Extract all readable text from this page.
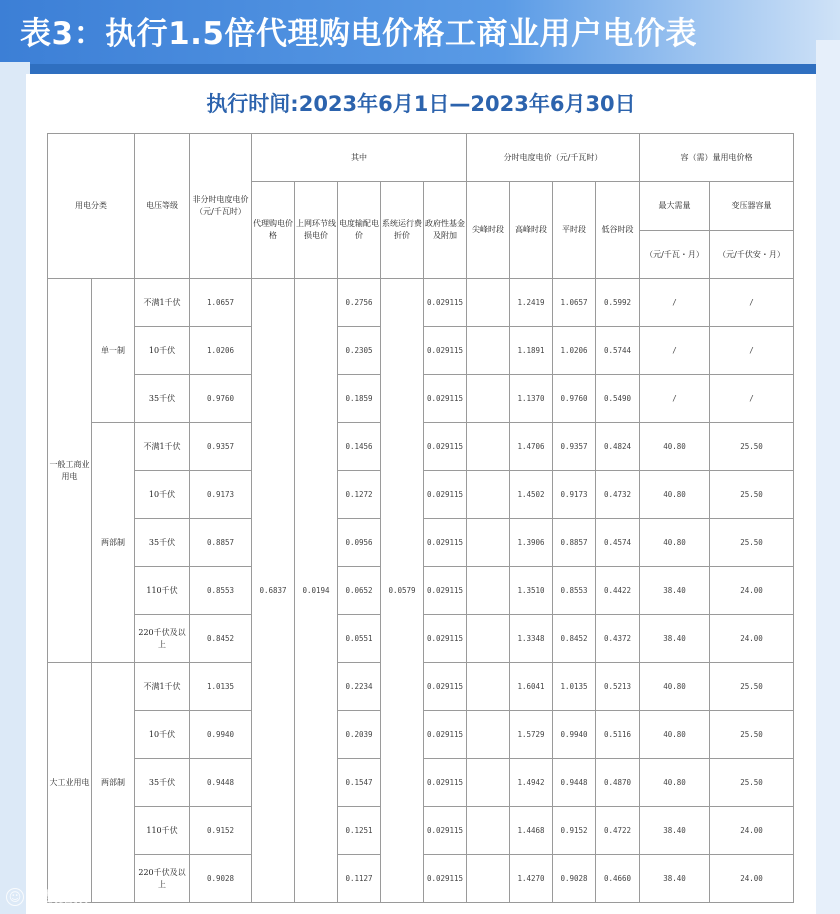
表3：执行1.5倍代理购电价格工商业用户电价表
执行时间:2023年6月1日—2023年6月30日
用电分类		电压等级	非分时电度电价（元/千瓦时）	其中					分时电度电价（元/千瓦时）				容（需）量用电价格	
				代理购电价格	上网环节线损电价	电度输配电价	系统运行费折价	政府性基金及附加	尖峰时段	高峰时段	平时段	低谷时段	最大需量	变压器容量
													（元/千瓦・月）	（元/千伏安・月）
一般工商业用电	单一制	不满1千伏	1.0657	0.6837	0.0194	0.2756	0.0579	0.029115		1.2419	1.0657	0.5992	/	/
		10千伏	1.0206			0.2305		0.029115		1.1891	1.0206	0.5744	/	/
		35千伏	0.9760			0.1859		0.029115		1.1370	0.9760	0.5490	/	/
	两部制	不满1千伏	0.9357			0.1456		0.029115		1.4706	0.9357	0.4824	40.80	25.50
		10千伏	0.9173			0.1272		0.029115		1.4502	0.9173	0.4732	40.80	25.50
		35千伏	0.8857			0.0956		0.029115		1.3906	0.8857	0.4574	40.80	25.50
		110千伏	0.8553			0.0652		0.029115		1.3510	0.8553	0.4422	38.40	24.00
		220千伏及以上	0.8452			0.0551		0.029115		1.3348	0.8452	0.4372	38.40	24.00
大工业用电	两部制	不满1千伏	1.0135			0.2234		0.029115		1.6041	1.0135	0.5213	40.80	25.50
		10千伏	0.9940			0.2039		0.029115		1.5729	0.9940	0.5116	40.80	25.50
		35千伏	0.9448			0.1547		0.029115		1.4942	0.9448	0.4870	40.80	25.50
		110千伏	0.9152			0.1251		0.029115		1.4468	0.9152	0.4722	38.40	24.00
		220千伏及以上	0.9028			0.1127		0.029115		1.4270	0.9028	0.4660	38.40	24.00
☺ 大数据猿
